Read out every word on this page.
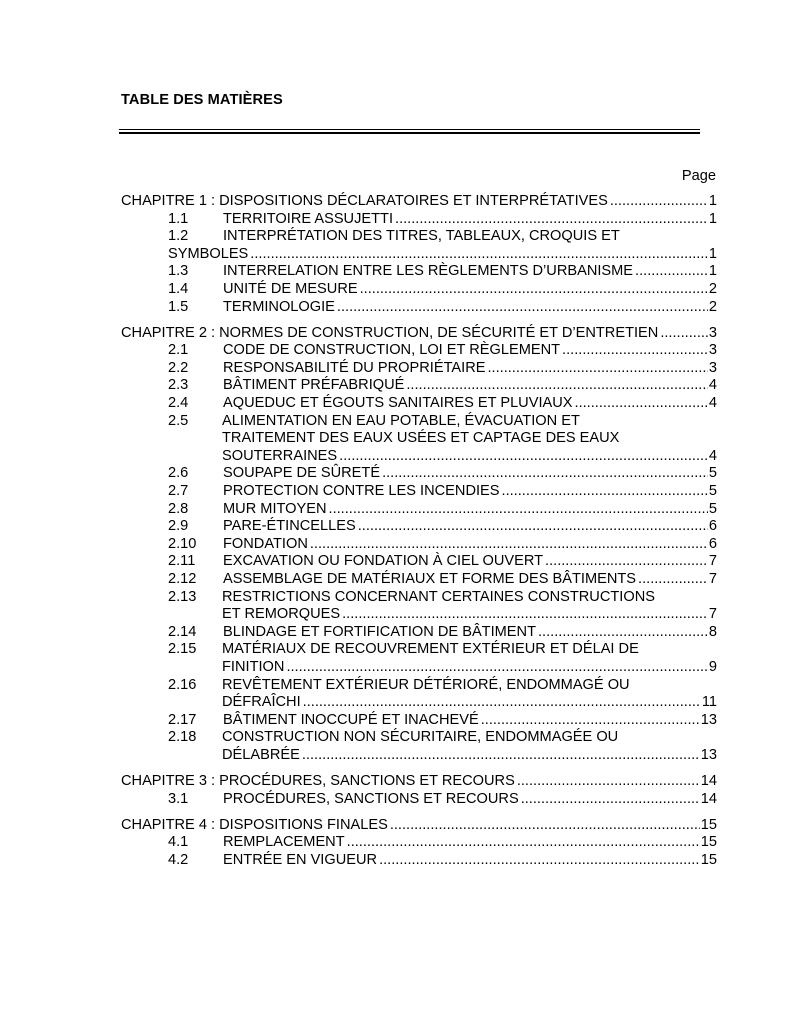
TABLE DES MATIÈRES
Page
CHAPITRE 1 : DISPOSITIONS DÉCLARATOIRES ET INTERPRÉTATIVES .....	1
1.1 TERRITOIRE ASSUJETTI .....	1
1.2 INTERPRÉTATION DES TITRES, TABLEAUX, CROQUIS ET
SYMBOLES .....	1
1.3 INTERRELATION ENTRE LES RÈGLEMENTS D’URBANISME .....	1
1.4 UNITÉ DE MESURE .....	2
1.5 TERMINOLOGIE .....	2
CHAPITRE 2 : NORMES DE CONSTRUCTION, DE SÉCURITÉ ET D’ENTRETIEN .....	3
2.1 CODE DE CONSTRUCTION, LOI ET RÈGLEMENT .....	3
2.2 RESPONSABILITÉ DU PROPRIÉTAIRE .....	3
2.3 BÂTIMENT PRÉFABRIQUÉ .....	4
2.4 AQUEDUC ET ÉGOUTS SANITAIRES ET PLUVIAUX .....	4
2.5 ALIMENTATION EN EAU POTABLE, ÉVACUATION ET
TRAITEMENT DES EAUX USÉES ET CAPTAGE DES EAUX
SOUTERRAINES .....	4
2.6 SOUPAPE DE SÛRETÉ .....	5
2.7 PROTECTION CONTRE LES INCENDIES .....	5
2.8 MUR MITOYEN .....	5
2.9 PARE-ÉTINCELLES .....	6
2.10 FONDATION .....	6
2.11 EXCAVATION OU FONDATION À CIEL OUVERT .....	7
2.12 ASSEMBLAGE DE MATÉRIAUX ET FORME DES BÂTIMENTS .....	7
2.13 RESTRICTIONS CONCERNANT CERTAINES CONSTRUCTIONS
ET REMORQUES .....	7
2.14 BLINDAGE ET FORTIFICATION DE BÂTIMENT .....	8
2.15 MATÉRIAUX DE RECOUVREMENT EXTÉRIEUR ET DÉLAI DE
FINITION .....	9
2.16 REVÊTEMENT EXTÉRIEUR DÉTÉRIORÉ, ENDOMMAGÉ OU
DÉFRAÎCHI .....	11
2.17 BÂTIMENT INOCCUPÉ ET INACHEVÉ .....	13
2.18 CONSTRUCTION NON SÉCURITAIRE, ENDOMMAGÉE OU
DÉLABRÉE .....	13
CHAPITRE 3 : PROCÉDURES, SANCTIONS ET RECOURS .....	14
3.1 PROCÉDURES, SANCTIONS ET RECOURS .....	14
CHAPITRE 4 : DISPOSITIONS FINALES .....	15
4.1 REMPLACEMENT .....	15
4.2 ENTRÉE EN VIGUEUR .....	15
